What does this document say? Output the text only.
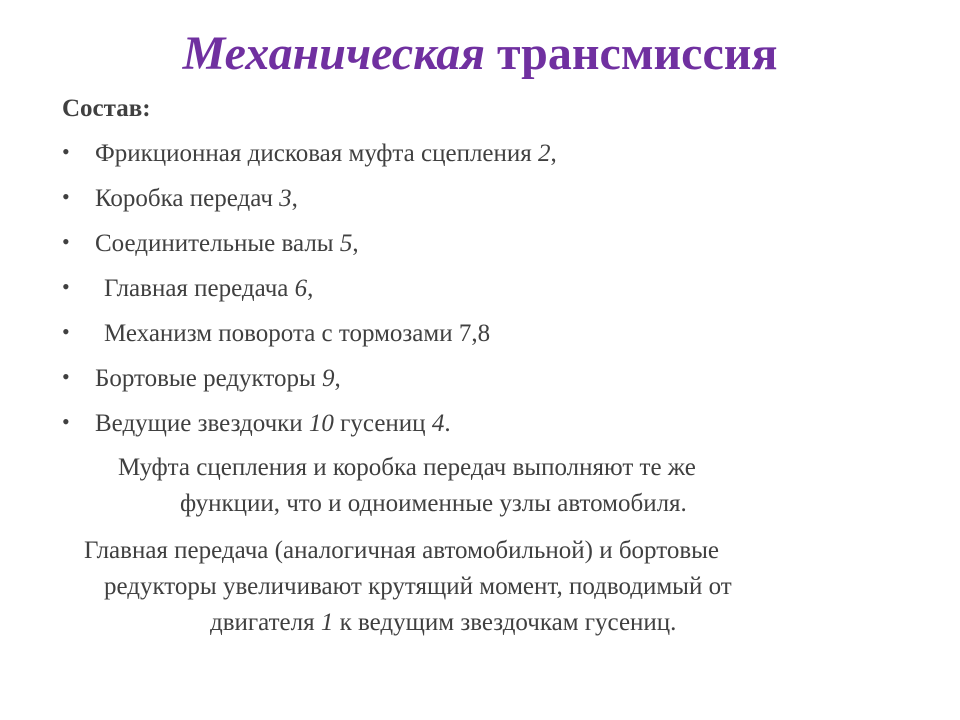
Механическая трансмиссия
Состав:
• Фрикционная дисковая муфта сцепления 2,
• Коробка передач 3,
• Соединительные валы 5,
• Главная передача 6,
• Механизм поворота с тормозами 7,8
• Бортовые редукторы 9,
• Ведущие звездочки 10 гусениц 4.
Муфта сцепления и коробка передач выполняют те же
функции, что и одноименные узлы автомобиля.
Главная передача (аналогичная автомобильной) и бортовые
редукторы увеличивают крутящий момент, подводимый от
двигателя 1 к ведущим звездочкам гусениц.
